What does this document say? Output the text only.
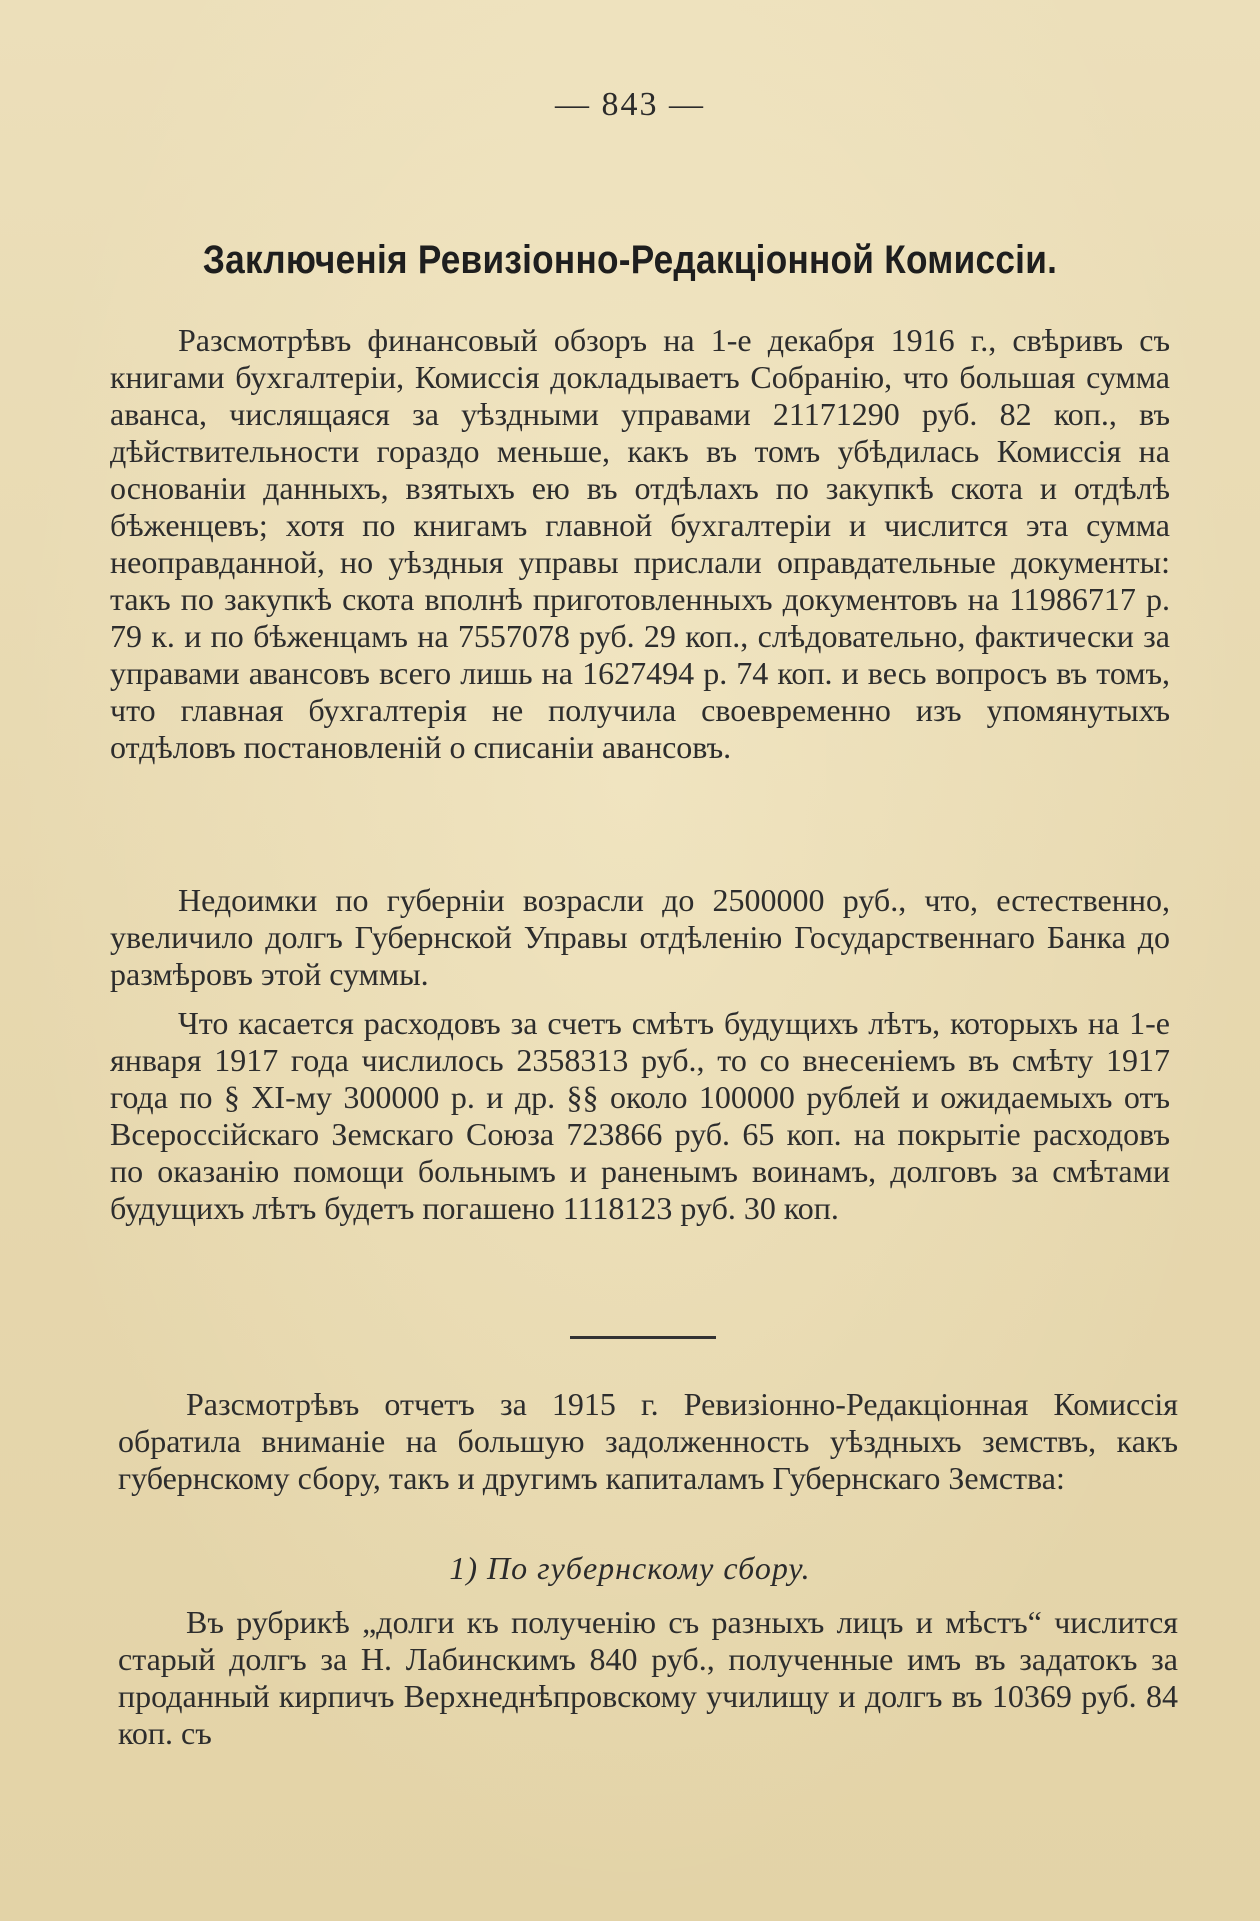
— 843 —
Заключенія Ревизіонно-Редакціонной Комиссіи.

Разсмотрѣвъ финансовый обзоръ на 1-е декабря 1916 г., свѣривъ съ книгами бухгалтеріи, Комиссія докладываетъ Собранію, что большая сумма аванса, числящаяся за уѣздными управами 21171290 руб. 82 коп., въ дѣйствительности гораздо меньше, какъ въ томъ убѣдилась Комиссія на основаніи данныхъ, взятыхъ ею въ отдѣлахъ по закупкѣ скота и отдѣлѣ бѣженцевъ; хотя по книгамъ главной бухгалтеріи и числится эта сумма неоправданной, но уѣздныя управы прислали оправдательные документы: такъ по закупкѣ скота вполнѣ приготовленныхъ документовъ на 11986717 р. 79 к. и по бѣженцамъ на 7557078 руб. 29 коп., слѣдовательно, фактически за управами авансовъ всего лишь на 1627494 р. 74 коп. и весь вопросъ въ томъ, что главная бухгалтерія не получила своевременно изъ упомянутыхъ отдѣловъ постановленій о списаніи авансовъ.

Недоимки по губерніи возрасли до 2500000 руб., что, естественно, увеличило долгъ Губернской Управы отдѣленію Государственнаго Банка до размѣровъ этой суммы.

Что касается расходовъ за счетъ смѣтъ будущихъ лѣтъ, которыхъ на 1-е января 1917 года числилось 2358313 руб., то со внесеніемъ въ смѣту 1917 года по § ХІ-му 300000 р. и др. §§ около 100000 рублей и ожидаемыхъ отъ Всероссійскаго Земскаго Союза 723866 руб. 65 коп. на покрытіе расходовъ по оказанію помощи больнымъ и раненымъ воинамъ, долговъ за смѣтами будущихъ лѣтъ будетъ погашено 1118123 руб. 30 коп.

Разсмотрѣвъ отчетъ за 1915 г. Ревизіонно-Редакціонная Комиссія обратила вниманіе на большую задолженность уѣздныхъ земствъ, какъ губернскому сбору, такъ и другимъ капиталамъ Губернскаго Земства:

1) По губернскому сбору.

Въ рубрикѣ „долги къ полученію съ разныхъ лицъ и мѣстъ“ числится старый долгъ за Н. Лабинскимъ 840 руб., полученные имъ въ задатокъ за проданный кирпичъ Верхнеднѣпровскому училищу и долгъ въ 10369 руб. 84 коп. съ
